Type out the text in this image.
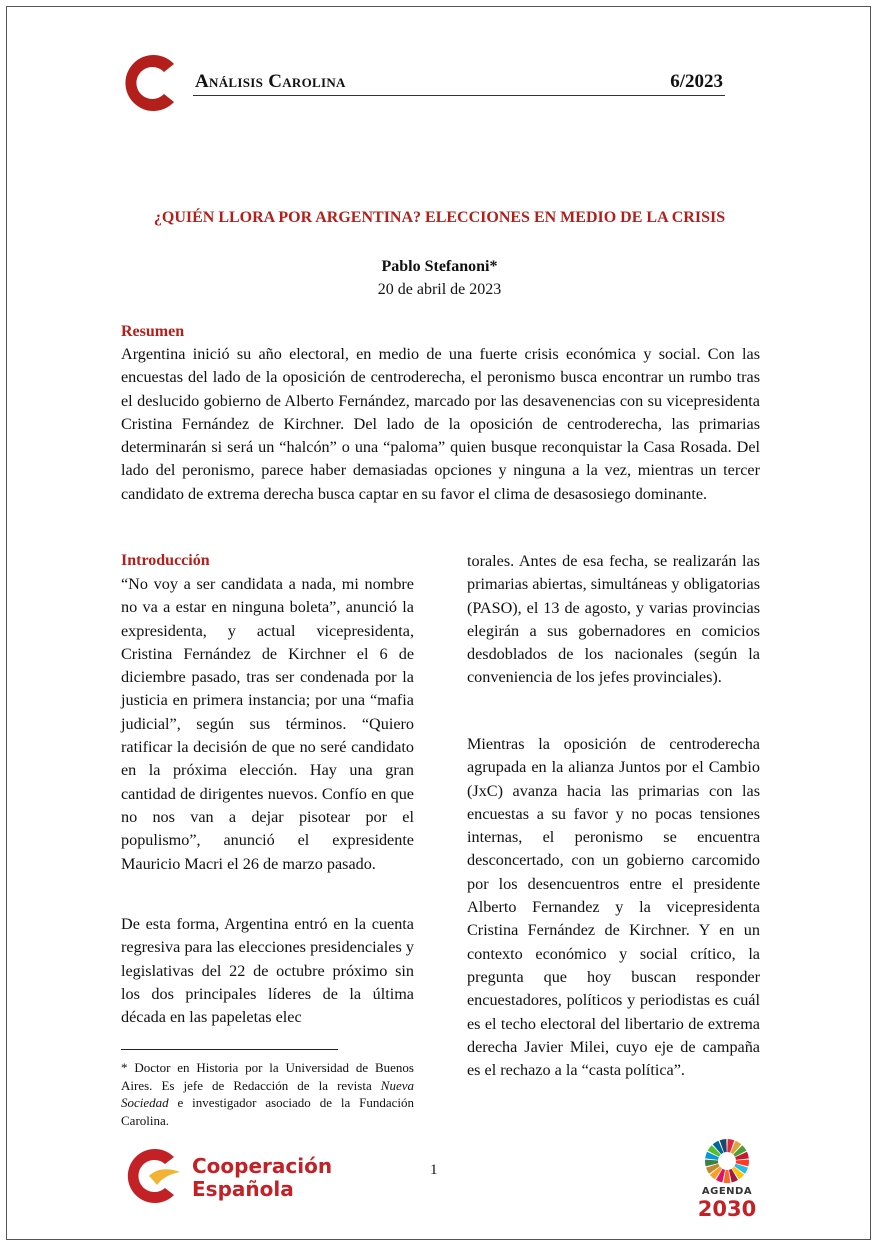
Análisis Carolina	6/2023
¿QUIÉN LLORA POR ARGENTINA? ELECCIONES EN MEDIO DE LA CRISIS
Pablo Stefanoni*
20 de abril de 2023
Resumen

Argentina inició su año electoral, en medio de una fuerte crisis económica y social. Con las encuestas del lado de la oposición de centroderecha, el peronismo busca encontrar un rumbo tras el deslucido gobierno de Alberto Fernández, marcado por las desavenencias con su vicepresidenta Cristina Fernández de Kirchner. Del lado de la oposición de centroderecha, las primarias determinarán si será un “halcón” o una “paloma” quien busque reconquistar la Casa Rosada. Del lado del peronismo, parece haber demasiadas opciones y ninguna a la vez, mientras un tercer candidato de extrema derecha busca captar en su favor el clima de desasosiego dominante.

Introducción

“No voy a ser candidata a nada, mi nombre no va a estar en ninguna boleta”, anunció la expresidenta, y actual vicepresidenta, Cristina Fernández de Kirchner el 6 de diciembre pasado, tras ser condenada por la justicia en primera instancia; por una “mafia judicial”, según sus términos. “Quiero ratificar la decisión de que no seré candidato en la próxima elección. Hay una gran cantidad de dirigentes nuevos. Confío en que no nos van a dejar pisotear por el populismo”, anunció el expresidente Mauricio Macri el 26 de marzo pasado.

De esta forma, Argentina entró en la cuenta regresiva para las elecciones presidenciales y legislativas del 22 de octubre próximo sin los dos principales líderes de la última década en las papeletas elec

torales. Antes de esa fecha, se realizarán las primarias abiertas, simultáneas y obligatorias (PASO), el 13 de agosto, y varias provincias elegirán a sus gobernadores en comicios desdoblados de los nacionales (según la conveniencia de los jefes provinciales).

Mientras la oposición de centroderecha agrupada en la alianza Juntos por el Cambio (JxC) avanza hacia las primarias con las encuestas a su favor y no pocas tensiones internas, el peronismo se encuentra desconcertado, con un gobierno carcomido por los desencuentros entre el presidente Alberto Fernandez y la vicepresidenta Cristina Fernández de Kirchner. Y en un contexto económico y social crítico, la pregunta que hoy buscan responder encuestadores, políticos y periodistas es cuál es el techo electoral del libertario de extrema derecha Javier Milei, cuyo eje de campaña es el rechazo a la “casta política”.

* Doctor en Historia por la Universidad de Buenos Aires. Es jefe de Redacción de la revista Nueva Sociedad e investigador asociado de la Fundación Carolina.

Cooperación
Española
1
AGENDA
2030
